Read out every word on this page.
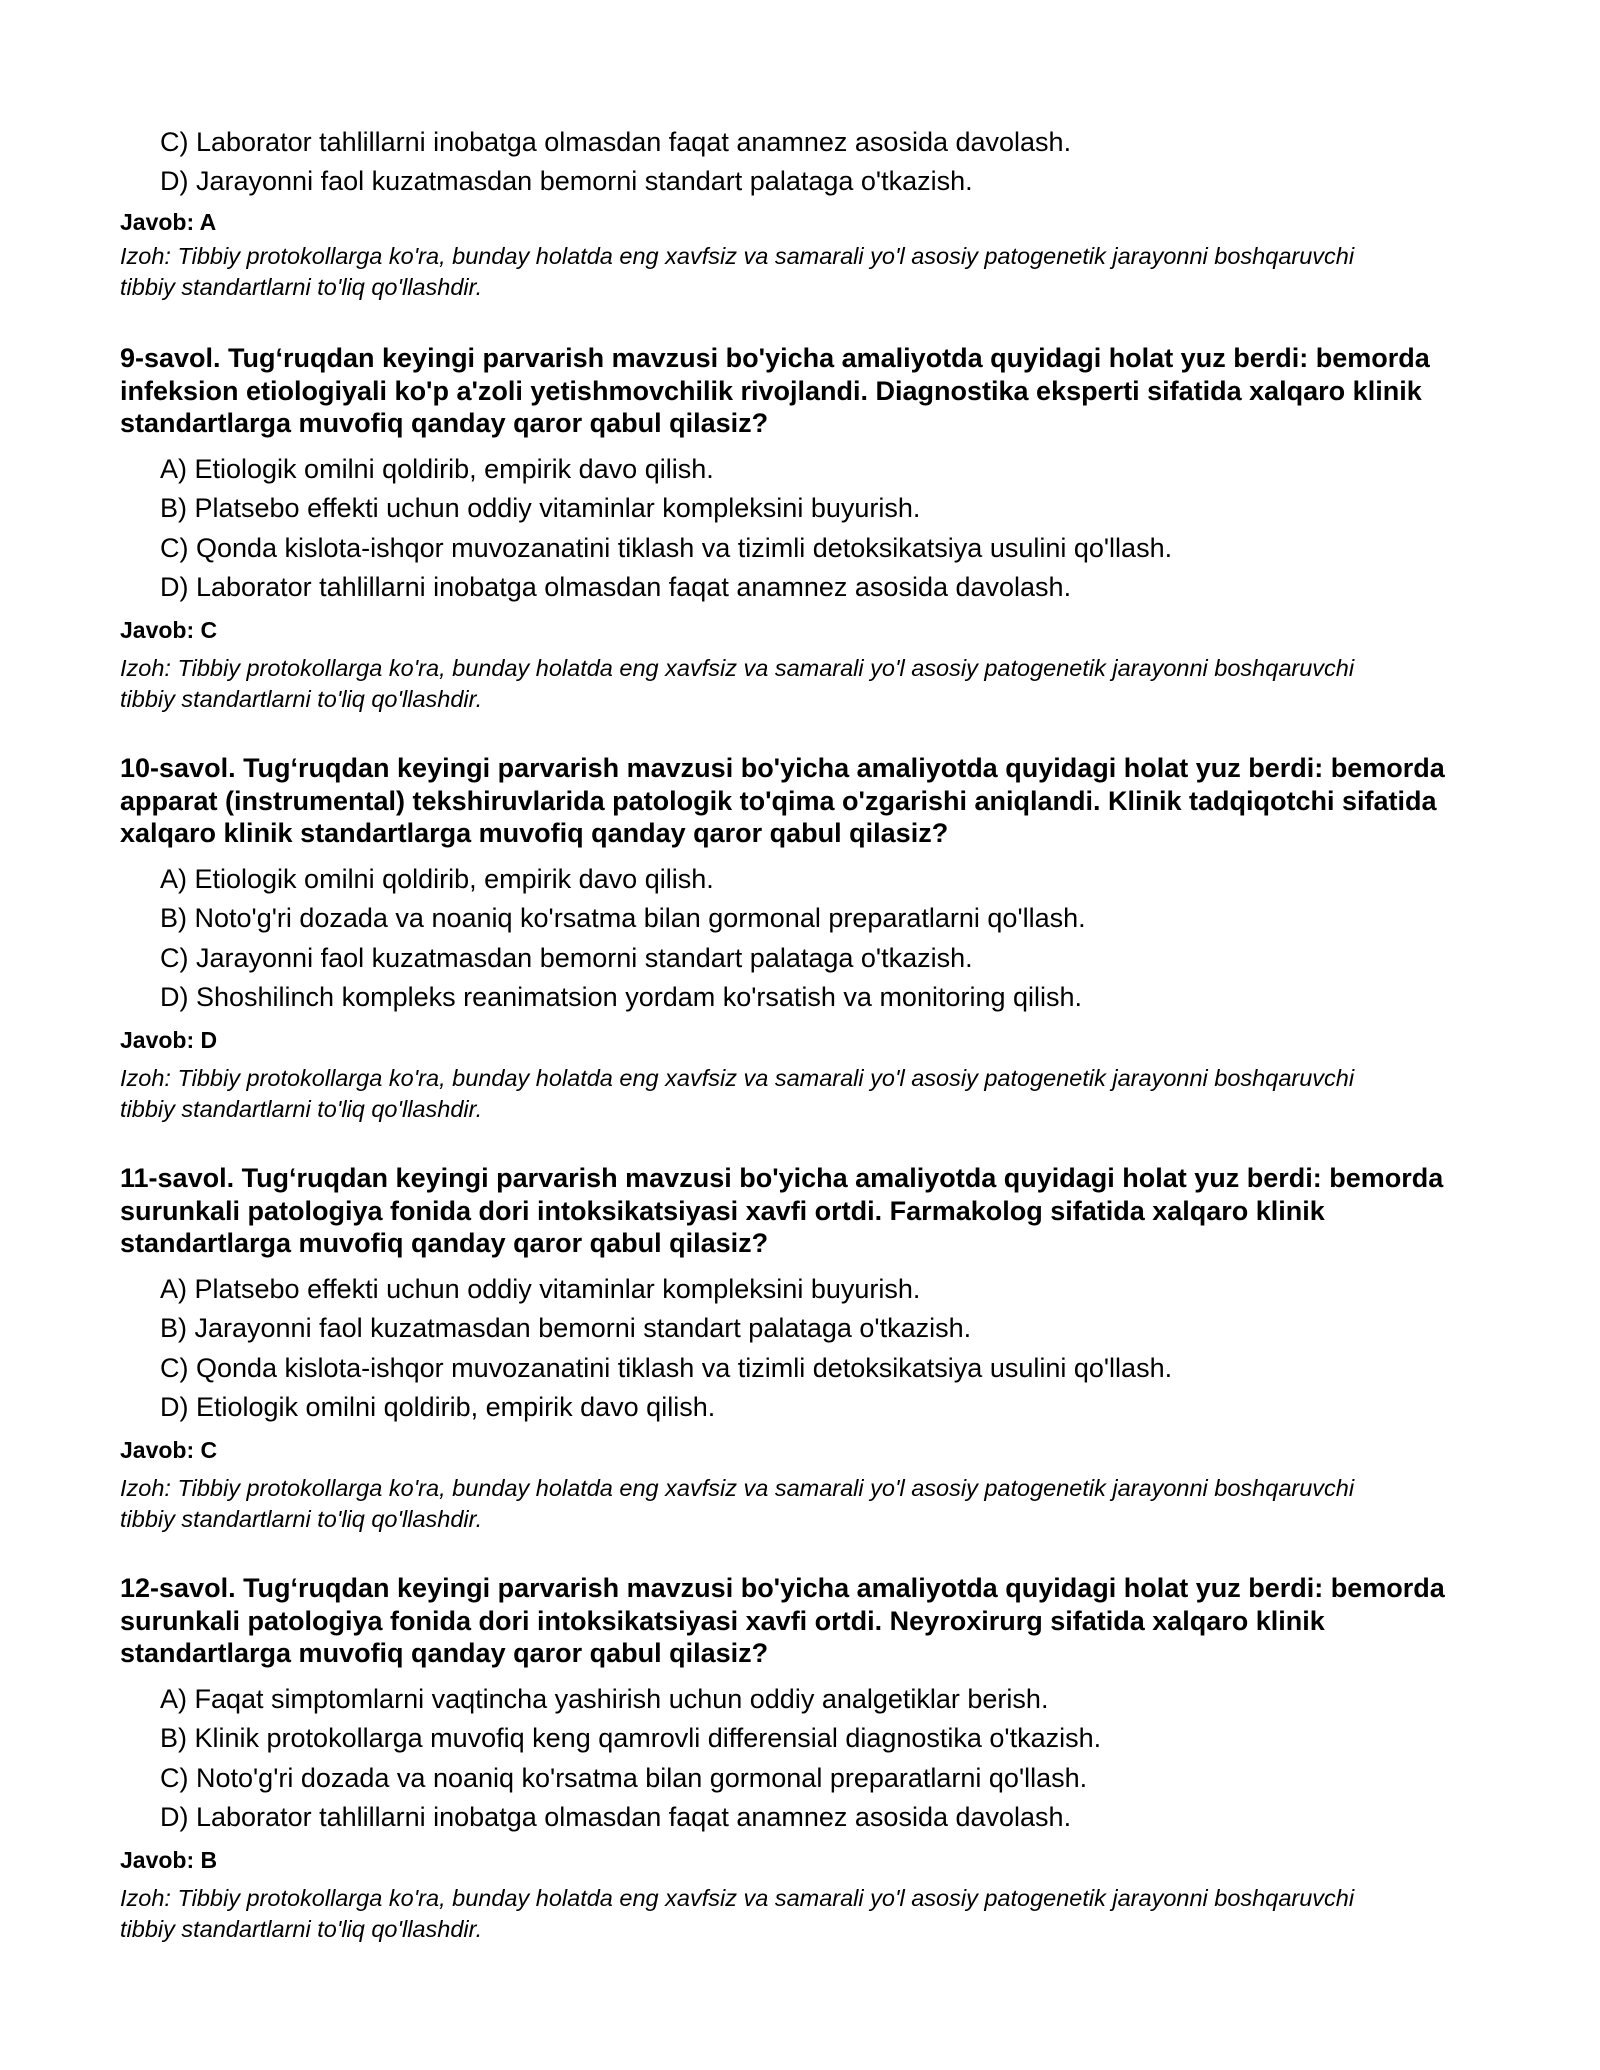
C) Laborator tahlillarni inobatga olmasdan faqat anamnez asosida davolash.
D) Jarayonni faol kuzatmasdan bemorni standart palataga o'tkazish.
Javob: A
Izoh: Tibbiy protokollarga ko'ra, bunday holatda eng xavfsiz va samarali yo'l asosiy patogenetik jarayonni boshqaruvchi tibbiy standartlarni to'liq qo'llashdir.

9-savol. Tug‘ruqdan keyingi parvarish mavzusi bo'yicha amaliyotda quyidagi holat yuz berdi: bemorda infeksion etiologiyali ko'p a'zoli yetishmovchilik rivojlandi. Diagnostika eksperti sifatida xalqaro klinik standartlarga muvofiq qanday qaror qabul qilasiz?

A) Etiologik omilni qoldirib, empirik davo qilish.
B) Platsebo effekti uchun oddiy vitaminlar kompleksini buyurish.
C) Qonda kislota-ishqor muvozanatini tiklash va tizimli detoksikatsiya usulini qo'llash.
D) Laborator tahlillarni inobatga olmasdan faqat anamnez asosida davolash.
Javob: C
Izoh: Tibbiy protokollarga ko'ra, bunday holatda eng xavfsiz va samarali yo'l asosiy patogenetik jarayonni boshqaruvchi tibbiy standartlarni to'liq qo'llashdir.

10-savol. Tug‘ruqdan keyingi parvarish mavzusi bo'yicha amaliyotda quyidagi holat yuz berdi: bemorda apparat (instrumental) tekshiruvlarida patologik to'qima o'zgarishi aniqlandi. Klinik tadqiqotchi sifatida xalqaro klinik standartlarga muvofiq qanday qaror qabul qilasiz?

A) Etiologik omilni qoldirib, empirik davo qilish.
B) Noto'g'ri dozada va noaniq ko'rsatma bilan gormonal preparatlarni qo'llash.
C) Jarayonni faol kuzatmasdan bemorni standart palataga o'tkazish.
D) Shoshilinch kompleks reanimatsion yordam ko'rsatish va monitoring qilish.
Javob: D
Izoh: Tibbiy protokollarga ko'ra, bunday holatda eng xavfsiz va samarali yo'l asosiy patogenetik jarayonni boshqaruvchi tibbiy standartlarni to'liq qo'llashdir.

11-savol. Tug‘ruqdan keyingi parvarish mavzusi bo'yicha amaliyotda quyidagi holat yuz berdi: bemorda surunkali patologiya fonida dori intoksikatsiyasi xavfi ortdi. Farmakolog sifatida xalqaro klinik standartlarga muvofiq qanday qaror qabul qilasiz?

A) Platsebo effekti uchun oddiy vitaminlar kompleksini buyurish.
B) Jarayonni faol kuzatmasdan bemorni standart palataga o'tkazish.
C) Qonda kislota-ishqor muvozanatini tiklash va tizimli detoksikatsiya usulini qo'llash.
D) Etiologik omilni qoldirib, empirik davo qilish.
Javob: C
Izoh: Tibbiy protokollarga ko'ra, bunday holatda eng xavfsiz va samarali yo'l asosiy patogenetik jarayonni boshqaruvchi tibbiy standartlarni to'liq qo'llashdir.

12-savol. Tug‘ruqdan keyingi parvarish mavzusi bo'yicha amaliyotda quyidagi holat yuz berdi: bemorda surunkali patologiya fonida dori intoksikatsiyasi xavfi ortdi. Neyroxirurg sifatida xalqaro klinik standartlarga muvofiq qanday qaror qabul qilasiz?

A) Faqat simptomlarni vaqtincha yashirish uchun oddiy analgetiklar berish.
B) Klinik protokollarga muvofiq keng qamrovli differensial diagnostika o'tkazish.
C) Noto'g'ri dozada va noaniq ko'rsatma bilan gormonal preparatlarni qo'llash.
D) Laborator tahlillarni inobatga olmasdan faqat anamnez asosida davolash.
Javob: B
Izoh: Tibbiy protokollarga ko'ra, bunday holatda eng xavfsiz va samarali yo'l asosiy patogenetik jarayonni boshqaruvchi tibbiy standartlarni to'liq qo'llashdir.
